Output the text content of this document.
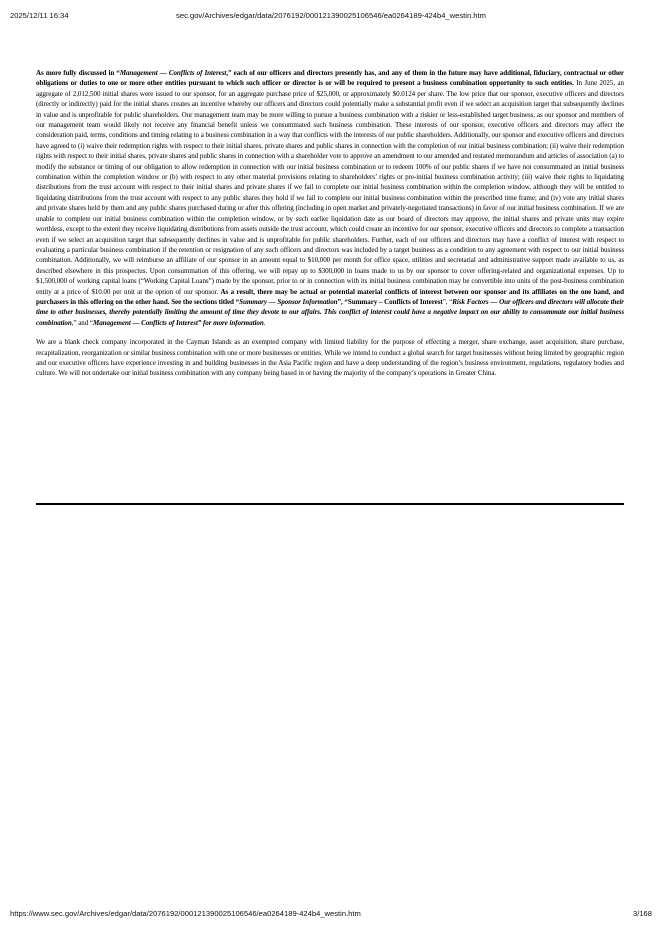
2025/12/11 16:34	sec.gov/Archives/edgar/data/2076192/000121390025106546/ea0264189-424b4_westin.htm

As more fully discussed in “Management — Conflicts of Interest,” each of our officers and directors presently has, and any of them in the future may have additional, fiduciary, contractual or other obligations or duties to one or more other entities pursuant to which such officer or director is or will be required to present a business combination opportunity to such entities. In June 2025, an aggregate of 2,012,500 initial shares were issued to our sponsor, for an aggregate purchase price of $25,000, or approximately $0.0124 per share. The low price that our sponsor, executive officers and directors (directly or indirectly) paid for the initial shares creates an incentive whereby our officers and directors could potentially make a substantial profit even if we select an acquisition target that subsequently declines in value and is unprofitable for public shareholders. Our management team may be more willing to pursue a business combination with a riskier or less-established target business, as our sponsor and members of our management team would likely not receive any financial benefit unless we consummated such business combination. These interests of our sponsor, executive officers and directors may affect the consideration paid, terms, conditions and timing relating to a business combination in a way that conflicts with the interests of our public shareholders. Additionally, our sponsor and executive officers and directors have agreed to (i) waive their redemption rights with respect to their initial shares, private shares and public shares in connection with the completion of our initial business combination; (ii) waive their redemption rights with respect to their initial shares, private shares and public shares in connection with a shareholder vote to approve an amendment to our amended and restated memorandum and articles of association (a) to modify the substance or timing of our obligation to allow redemption in connection with our initial business combination or to redeem 100% of our public shares if we have not consummated an initial business combination within the completion window or (b) with respect to any other material provisions relating to shareholders’ rights or pre-initial business combination activity; (iii) waive their rights to liquidating distributions from the trust account with respect to their initial shares and private shares if we fail to complete our initial business combination within the completion window, although they will be entitled to liquidating distributions from the trust account with respect to any public shares they hold if we fail to complete our initial business combination within the prescribed time frame; and (iv) vote any initial shares and private shares held by them and any public shares purchased during or after this offering (including in open market and privately-negotiated transactions) in favor of our initial business combination. If we are unable to complete our initial business combination within the completion window, or by such earlier liquidation date as our board of directors may approve, the initial shares and private units may expire worthless, except to the extent they receive liquidating distributions from assets outside the trust account, which could create an incentive for our sponsor, executive officers and directors to complete a transaction even if we select an acquisition target that subsequently declines in value and is unprofitable for public shareholders. Further, each of our officers and directors may have a conflict of interest with respect to evaluating a particular business combination if the retention or resignation of any such officers and directors was included by a target business as a condition to any agreement with respect to our initial business combination. Additionally, we will reimburse an affiliate of our sponsor in an amount equal to $10,000 per month for office space, utilities and secretarial and administrative support made available to us, as described elsewhere in this prospectus. Upon consummation of this offering, we will repay up to $300,000 in loans made to us by our sponsor to cover offering-related and organizational expenses. Up to $1,500,000 of working capital loans (“Working Capital Loans”) made by the sponsor, prior to or in connection with its initial business combination may be convertible into units of the post-business combination entity at a price of $10.00 per unit at the option of our sponsor. As a result, there may be actual or potential material conflicts of interest between our sponsor and its affiliates on the one hand, and purchasers in this offering on the other hand. See the sections titled “Summary — Sponsor Information”, “Summary – Conflicts of Interest”, “Risk Factors — Our officers and directors will allocate their time to other businesses, thereby potentially limiting the amount of time they devote to our affairs. This conflict of interest could have a negative impact on our ability to consummate our initial business combination,” and “Management — Conflicts of Interest” for more information.

We are a blank check company incorporated in the Cayman Islands as an exempted company with limited liability for the purpose of effecting a merger, share exchange, asset acquisition, share purchase, recapitalization, reorganization or similar business combination with one or more businesses or entities. While we intend to conduct a global search for target businesses without being limited by geographic region and our executive officers have experience investing in and building businesses in the Asia Pacific region and have a deep understanding of the region’s business environment, regulations, regulatory bodies and culture. We will not undertake our initial business combination with any company being based in or having the majority of the company’s operations in Greater China.

https://www.sec.gov/Archives/edgar/data/2076192/000121390025106546/ea0264189-424b4_westin.htm	3/168
